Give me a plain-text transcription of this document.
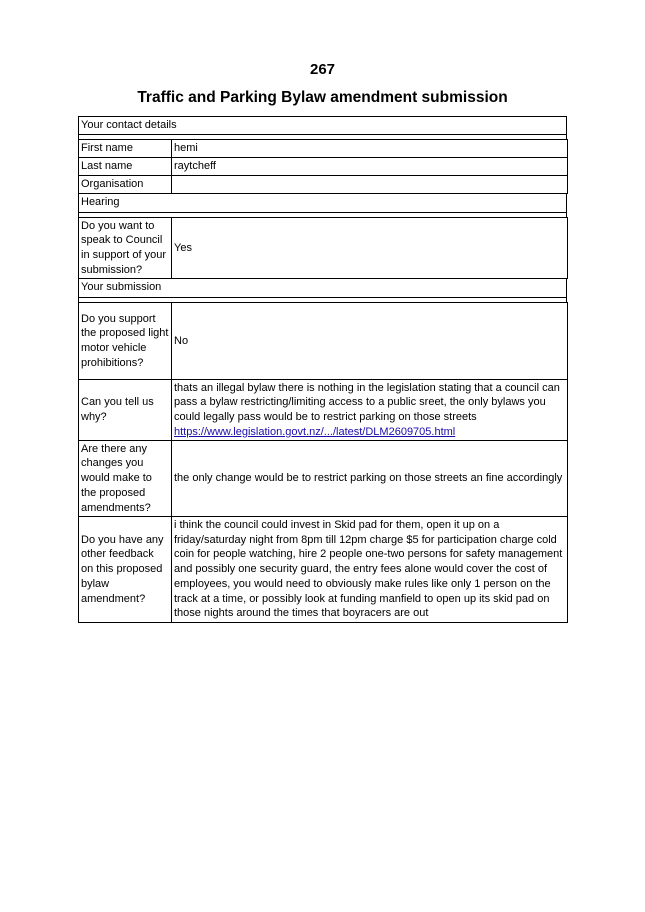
267
Traffic and Parking Bylaw amendment submission
Your contact details
First name	hemi
Last name	raytcheff
Organisation	
Hearing
Do you want to speak to Council in support of your submission?	Yes
Your submission
Do you support the proposed light motor vehicle prohibitions?	No
Can you tell us why?	thats an illegal bylaw there is nothing in the legislation stating that a council can pass a bylaw restricting/limiting access to a public sreet, the only bylaws you could legally pass would be to restrict parking on those streets
https://www.legislation.govt.nz/.../latest/DLM2609705.html
Are there any changes you would make to the proposed amendments?	the only change would be to restrict parking on those streets an fine accordingly
Do you have any other feedback on this proposed bylaw amendment?	i think the council could invest in Skid pad for them, open it up on a friday/saturday night from 8pm till 12pm charge $5 for participation charge cold coin for people watching, hire 2 people one-two persons for safety management and possibly one security guard, the entry fees alone would cover the cost of employees, you would need to obviously make rules like only 1 person on the track at a time, or possibly look at funding manfield to open up its skid pad on those nights around the times that boyracers are out
